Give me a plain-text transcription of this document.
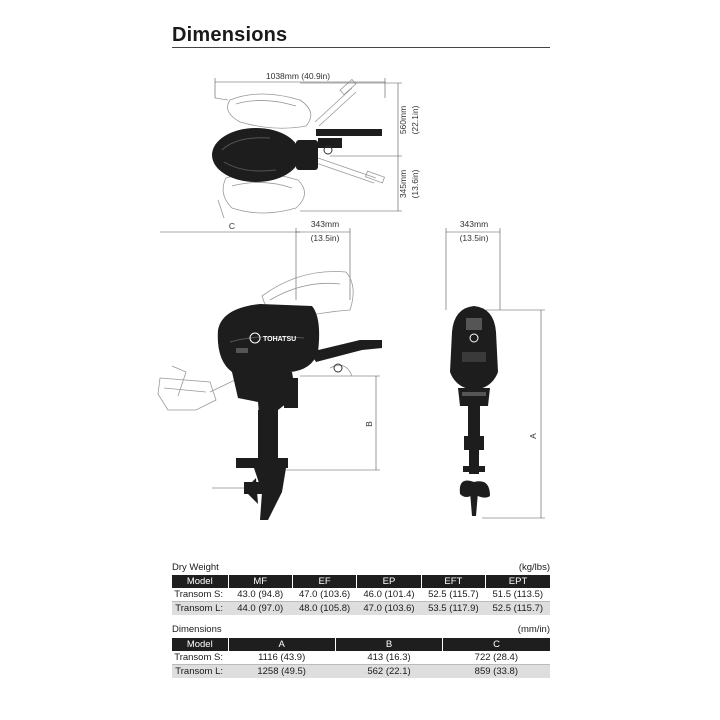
Dimensions
1038mm (40.9in)
560mm (22.1in)
345mm (13.6in)
C	343mm
(13.5in)
TOHATSU
B
343mm
(13.5in)
A
Dry Weight	(kg/lbs)
Model	MF	EF	EP	EFT	EPT
Transom S:	43.0 (94.8)	47.0 (103.6)	46.0 (101.4)	52.5 (115.7)	51.5 (113.5)
Transom L:	44.0 (97.0)	48.0 (105.8)	47.0 (103.6)	53.5 (117.9)	52.5 (115.7)
Dimensions	(mm/in)
Model	A	B	C
Transom S:	1116 (43.9)	413 (16.3)	722 (28.4)
Transom L:	1258 (49.5)	562 (22.1)	859 (33.8)
